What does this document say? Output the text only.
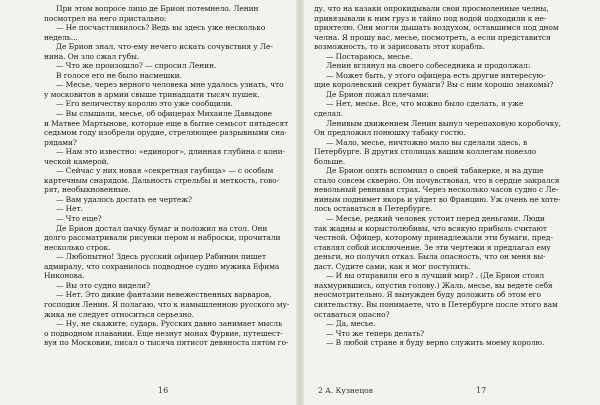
При этом вопросе лицо де Брион потемнело. Ленин
посмотрел на него пристально:
— Не посчастливилось? Ведь вы здесь уже несколько
недель...
Де Брион знал, что-ему нечего искать сочувствия у Ле-
нина. Он зло сжал губы.
— Что же произошло? — спросил Ленин.
В голосе его не было насмешки.
— Месье, через верного человека мне удалось узнать, что
у московитов в армии свыше тринадцати тысяч пушек.
— Его величеству королю это уже сообщили.
— Вы слышали, месье, об офицерах Михаиле Давыдове
и Матвее Мартынове, которые еще в бытие семьсот пятьдесят
седьмом году изобрели орудие, стреляющее разрывными сна-
рядами?
— Нам это известно: «единорог», длинная глубина с кони-
ческой камерой.
— Сейчас у них новая «секретная гаубица» — с особым
картечным снарядом. Дальность стрельбы и меткость, гово-
рят, необыкновенные.
— Вам удалось достать ее чертеж?
— Нет.
— Что еще?
Де Брион достал пачку бумаг и положил на стол. Они
долго рассматривали рисунки пером и наброски, прочитали
несколько строк.
— Любопытно! Здесь русский офицер Рабинин пишет
адмиралу, что сохранилось подводное судно мужика Ефима
Никонова.
— Вы это судно видели?
— Нет. Это дикие фантазии невежественных варваров,
господин Ленин. Я полагаю, что к намышленною русского му-
жика не следует относиться серьезно.
— Ну, не скажите, сударь. Русских давно занимает мысль
о подводном плавании. Еще незнут монах Фурвие, путешест-
вуя по Московии, писал о тысяча пятисот девяноста пятом го-
ду, что на казаки опрокидывали свои просмоленные челны,
привязывали к ним груз и тайно под водой подходили к не-
приятелю. Они могли дышать воздухом, оставшимся под дном
челна. Я прошу вас, месье, посмотреть, а если представится
возможность, то и зарисовать этот корабль.
— Постараюсь, месье.
Ленин вглянул на своего собеседника и продолжал:
— Может быть, у этого офицера есть другие интересую-
щие королевский секрет бумаги? Вы с ним хорошо знакомы?
Де Брион пожал плечами:
— Нет, месье. Все, что можно было сделать, я уже
сделал.
Ленивым движением Ленин вынул черепаховую коробочку,
Он предложил понюшку табаку гостю.
— Мало, месье, ничтожно мало вы сделали здесь, в
Петербурге. В других столицах вашим коллегам повезло
больше.
Де Брион опять вспомнил о своей табакерке, и на душе
стало совсем скверно. Он почувствовал, что в сердце закрался
невольный ревнивая страх. Через несколько часов судно с Ле-
ниным поднимет якорь и уйдет во Францию. Уж очень не хоте-
лось оставаться в Петербурге.
— Месье, редкий человек устоит перед деньгами. Люди
так жадны и корыстолюбивы, что всякую прибыль считают
честной. Офицер, которому принадлежали эти бумаги, пред-
ставлял собой исключение. Зе эти чертежи я предлагал ему
деньги, но получил отказ. Была опасность, что он меня вы-
даст. Судите сами, как я мог поступить.
— И вы отправили его в лучший мир? . (Де Брион стоял
нахмурившись, опустив голову.) Жаль, месье, вы ведете себя
неосмотрительно. Я вынужден буду доложить об этом его
сиятельству. Вы понимаете, что в Петербурге после этого вам
оставаться опасно?
— Да, месье.
— Что же теперь делать?
— В любой стране я буду верно служить моему королю.
16	2 А. Кузнецов	17
